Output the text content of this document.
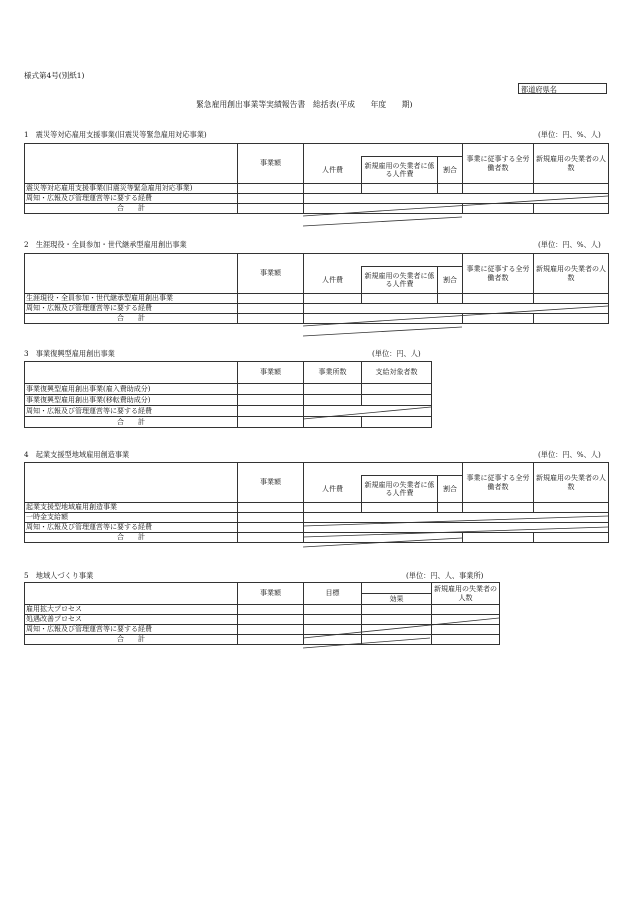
様式第4号(別紙1)
都道府県名
緊急雇用創出事業等実績報告書　総括表(平成　　年度　　期)
1　震災等対応雇用支援事業(旧震災等緊急雇用対応事業)	(単位：円、%、人)
	事業額				事業に従事する全労働者数	新規雇用の失業者の人数
		人件費	新規雇用の失業者に係る人件費	割合		

震災等対応雇用支援事業(旧震災等緊急雇用対応事業)						
周知・広報及び管理運営等に要する経費						
合　　計						
2　生涯現役・全員参加・世代継承型雇用創出事業	(単位：円、%、人)
	事業額				事業に従事する全労働者数	新規雇用の失業者の人数
		人件費	新規雇用の失業者に係る人件費	割合		

生涯現役・全員参加・世代継承型雇用創出事業						
周知・広報及び管理運営等に要する経費						
合　　計						
3　事業復興型雇用創出事業	(単位：円、人)
	事業額	事業所数	支給対象者数
事業復興型雇用創出事業(雇入費助成分)			
事業復興型雇用創出事業(移転費助成分)			
周知・広報及び管理運営等に要する経費			
合　　計			
4　起業支援型地域雇用創造事業	(単位：円、%、人)
	事業額				事業に従事する全労働者数	新規雇用の失業者の人数
		人件費	新規雇用の失業者に係る人件費	割合		

起業支援型地域雇用創造事業						
一時金支給額						
周知・広報及び管理運営等に要する経費						
合　　計						
5　地域人づくり事業	(単位：円、人、事業所)
	事業額	目標		新規雇用の失業者の人数
			効果	
雇用拡大プロセス				
処遇改善プロセス				
周知・広報及び管理運営等に要する経費				
合　　計				
